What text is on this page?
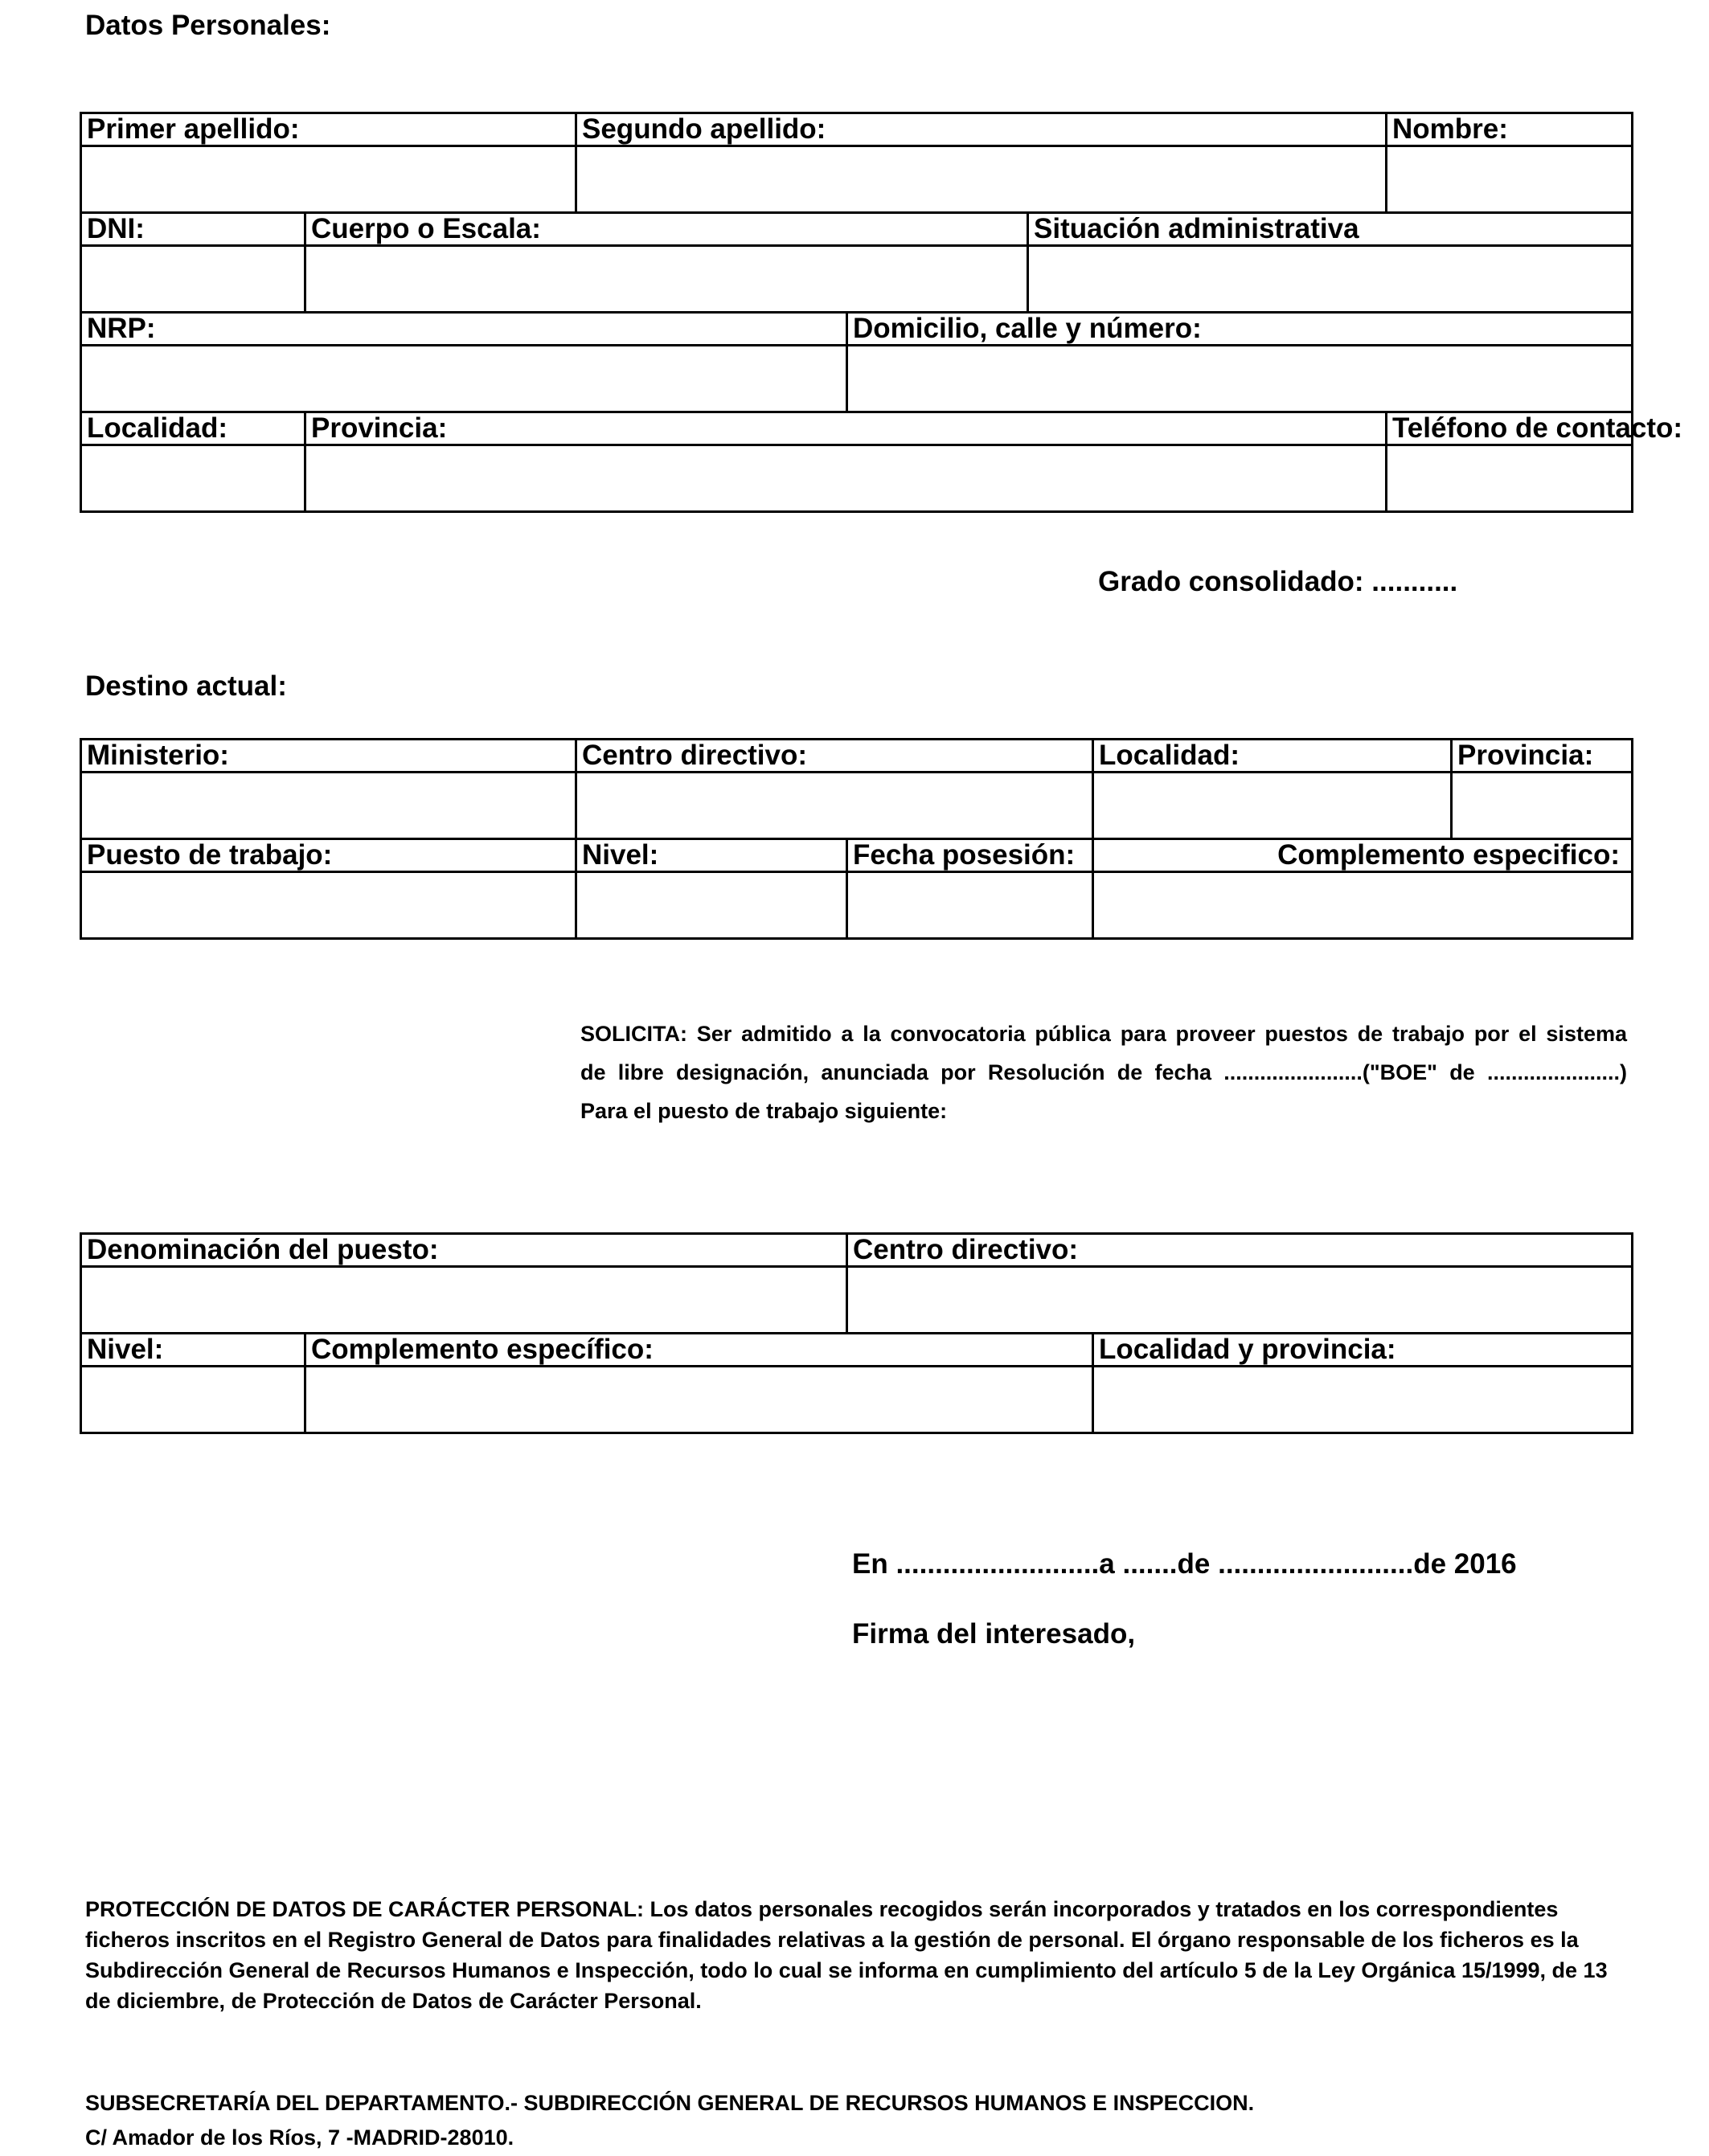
Datos Personales:
Primer apellido:		Segundo apellido:			Nombre:

DNI:	Cuerpo o Escala:			Situación administrativa	

NRP:			Domicilio, calle y número:		

Localidad:	Provincia:				Teléfono de contacto:

Grado consolidado: ...........
Destino actual:
Ministerio:	Centro directivo:		Localidad:	Provincia:

Puesto de trabajo:	Nivel:	Fecha posesión:	Complemento especifico:	

SOLICITA: Ser admitido a la convocatoria pública para proveer puestos de trabajo por el sistema
de libre designación, anunciada por Resolución de fecha .......................("BOE" de ......................)
Para el puesto de trabajo siguiente:
Denominación del puesto:		Centro directivo:	

Nivel:	Complemento específico:		Localidad y provincia:

En ..........................a .......de .........................de 2016
Firma del interesado,
PROTECCIÓN DE DATOS DE CARÁCTER PERSONAL: Los datos personales recogidos serán incorporados y tratados en los correspondientes ficheros inscritos en el Registro General de Datos para finalidades relativas a la gestión de personal. El órgano responsable de los ficheros es la Subdirección General de Recursos Humanos e Inspección, todo lo cual se informa en cumplimiento del artículo 5 de la Ley Orgánica 15/1999, de 13 de diciembre, de Protección de Datos de Carácter Personal.
SUBSECRETARÍA DEL DEPARTAMENTO.- SUBDIRECCIÓN GENERAL DE RECURSOS HUMANOS E INSPECCION.
C/ Amador de los Ríos, 7 -MADRID-28010.
